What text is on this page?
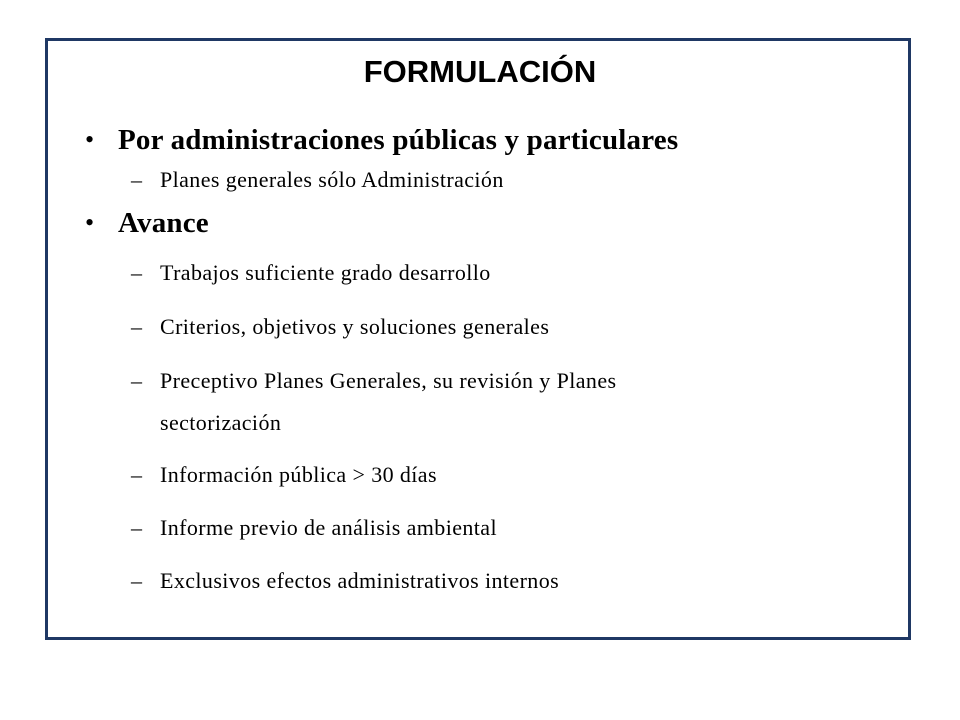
FORMULACIÓN
• Por administraciones públicas y particulares
– Planes generales sólo Administración
• Avance
– Trabajos suficiente grado desarrollo
– Criterios, objetivos y soluciones generales
– Preceptivo Planes Generales, su revisión y Planes
sectorización
– Información pública > 30 días
– Informe previo de análisis ambiental
– Exclusivos efectos administrativos internos
